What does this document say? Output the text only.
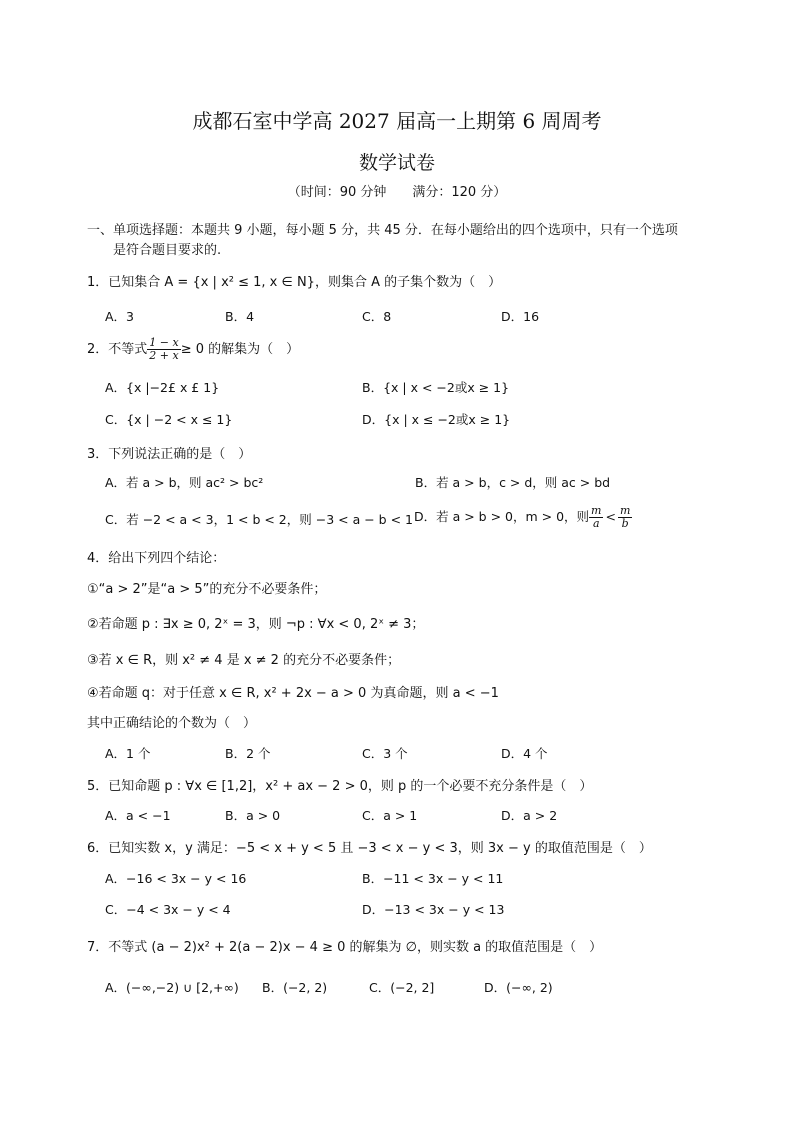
成都石室中学高 2027 届高一上期第 6 周周考
数学试卷
（时间：90 分钟　　满分：120 分）
一、单项选择题：本题共 9 小题，每小题 5 分，共 45 分．在每小题给出的四个选项中，只有一个选项
是符合题目要求的.
1．已知集合 A = {x | x² ≤ 1, x ∈ N}，则集合 A 的子集个数为（　）
A．3	B．4	C．8	D．16
2．不等式 $\frac{1 - x}{2 + x} \ge 0$ 的解集为（　）
A．{x |−2£ x £ 1}	B．{x | x < −2或x ≥ 1}
C．{x | −2 < x ≤ 1}	D．{x | x ≤ −2或x ≥ 1}
3．下列说法正确的是（　）
A．若 a > b，则 ac² > bc²	B．若 a > b，c > d，则 ac > bd
C．若 −2 < a < 3，1 < b < 2，则 −3 < a − b < 1 D．若 a > b > 0，m > 0，则 $\frac{m}{a} < \frac{m}{b}$
4．给出下列四个结论：
①“a > 2”是“a > 5”的充分不必要条件；
②若命题 p : ∃x ≥ 0, 2ˣ = 3，则 ¬p : ∀x < 0, 2ˣ ≠ 3；
③若 x ∈ R，则 x² ≠ 4 是 x ≠ 2 的充分不必要条件；
④若命题 q：对于任意 x ∈ R, x² + 2x − a > 0 为真命题，则 a < −1
其中正确结论的个数为（　）
A．1 个	B．2 个	C．3 个	D．4 个
5．已知命题 p : ∀x ∈ [1,2]，x² + ax − 2 > 0，则 p 的一个必要不充分条件是（　）
A．a < −1	B．a > 0	C．a > 1	D．a > 2
6．已知实数 x，y 满足：−5 < x + y < 5 且 −3 < x − y < 3，则 3x − y 的取值范围是（　）
A．−16 < 3x − y < 16	B．−11 < 3x − y < 11
C．−4 < 3x − y < 4	D．−13 < 3x − y < 13
7．不等式 (a − 2)x² + 2(a − 2)x − 4 ≥ 0 的解集为 ∅，则实数 a 的取值范围是（　）
A．(−∞,−2) ∪ [2,+∞) B．(−2, 2)	C．(−2, 2]	D．(−∞, 2)
